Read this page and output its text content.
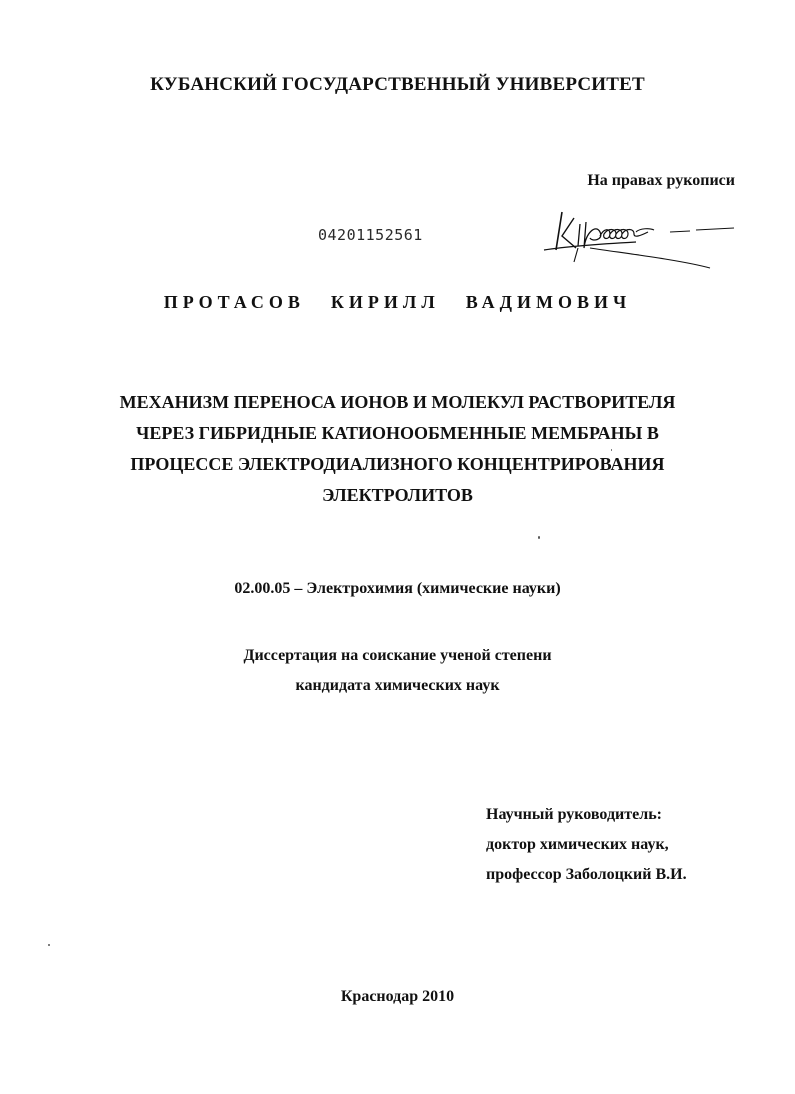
КУБАНСКИЙ ГОСУДАРСТВЕННЫЙ УНИВЕРСИТЕТ
На правах рукописи
04201152561
ПРОТАСОВ КИРИЛЛ ВАДИМОВИЧ
МЕХАНИЗМ ПЕРЕНОСА ИОНОВ И МОЛЕКУЛ РАСТВОРИТЕЛЯ
ЧЕРЕЗ ГИБРИДНЫЕ КАТИОНООБМЕННЫЕ МЕМБРАНЫ В
ПРОЦЕССЕ ЭЛЕКТРОДИАЛИЗНОГО КОНЦЕНТРИРОВАНИЯ
ЭЛЕКТРОЛИТОВ
02.00.05 – Электрохимия (химические науки)
Диссертация на соискание ученой степени
кандидата химических наук
Научный руководитель:
доктор химических наук,
профессор Заболоцкий В.И.
Краснодар 2010
